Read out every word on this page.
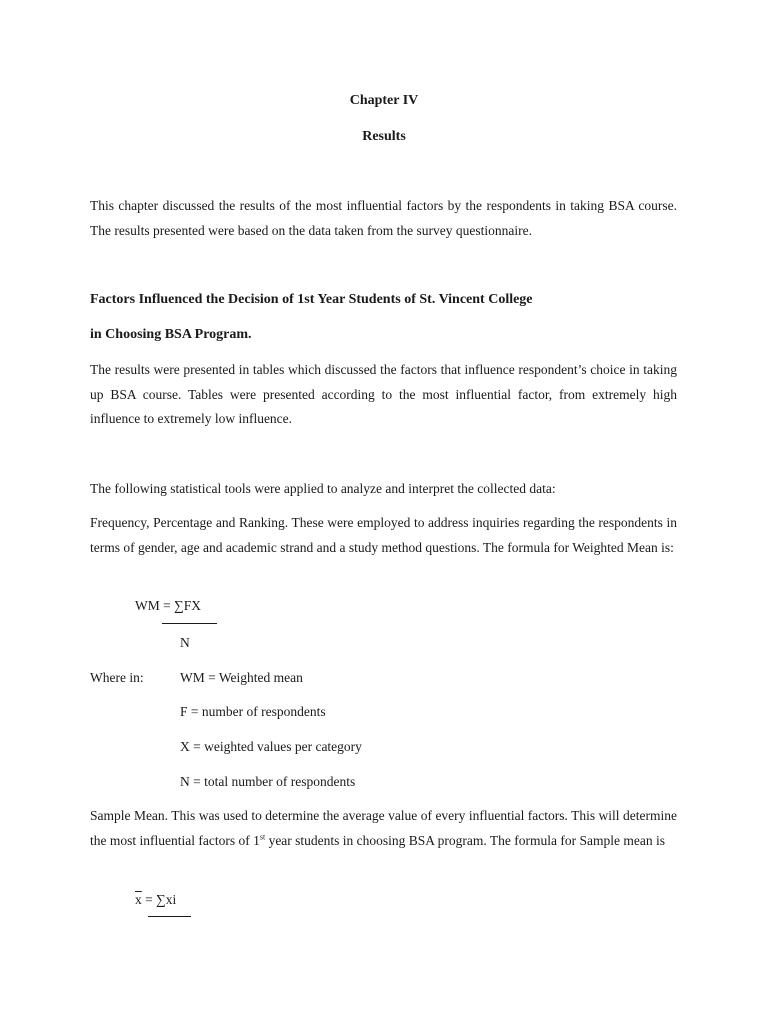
Chapter IV
Results

This chapter discussed the results of the most influential factors by the respondents in taking BSA course. The results presented were based on the data taken from the survey questionnaire.

Factors Influenced the Decision of 1st Year Students of St. Vincent College
in Choosing BSA Program.

The results were presented in tables which discussed the factors that influence respondent’s choice in taking up BSA course. Tables were presented according to the most influential factor, from extremely high influence to extremely low influence.

The following statistical tools were applied to analyze and interpret the collected data:

Frequency, Percentage and Ranking. These were employed to address inquiries regarding the respondents in terms of gender, age and academic strand and a study method questions. The formula for Weighted Mean is:

WM = ∑FX
N
Where in:	WM = Weighted mean
F = number of respondents
X = weighted values per category
N = total number of respondents

Sample Mean. This was used to determine the average value of every influential factors. This will determine the most influential factors of 1st year students in choosing BSA program. The formula for Sample mean is

$\overline{x} = \sum xi$
